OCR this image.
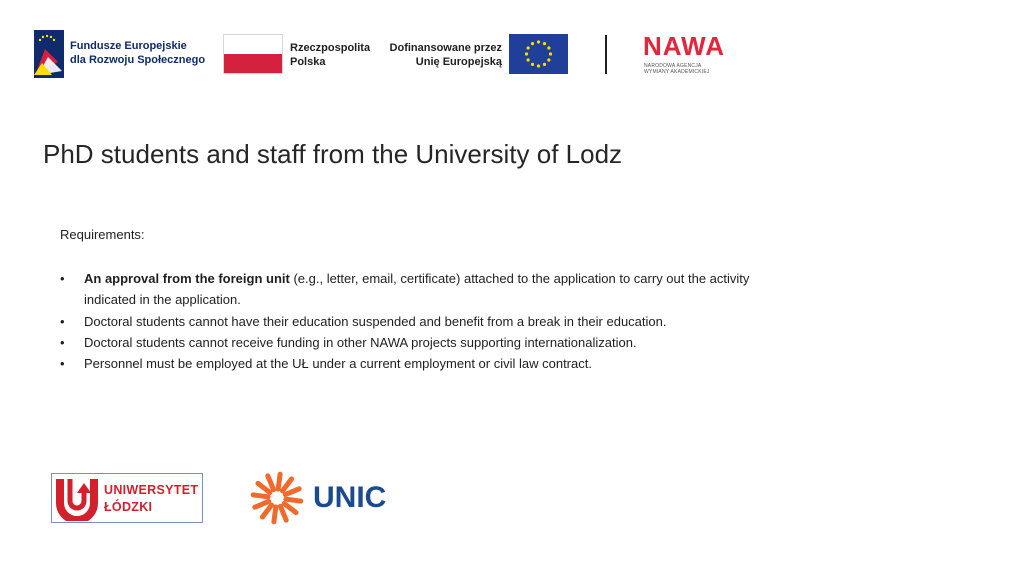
Fundusze Europejskie
dla Rozwoju Społecznego
Rzeczpospolita
Polska
Dofinansowane przez
Unię Europejską
NAWA
NARODOWA AGENCJA
WYMIANY AKADEMICKIEJ
PhD students and staff from the University of Lodz
Requirements:
• An approval from the foreign unit (e.g., letter, email, certificate) attached to the application to carry out the activity indicated in the application.
• Doctoral students cannot have their education suspended and benefit from a break in their education.
• Doctoral students cannot receive funding in other NAWA projects supporting internationalization.
• Personnel must be employed at the UŁ under a current employment or civil law contract.
UNIWERSYTET
ŁÓDZKI	UNIC
